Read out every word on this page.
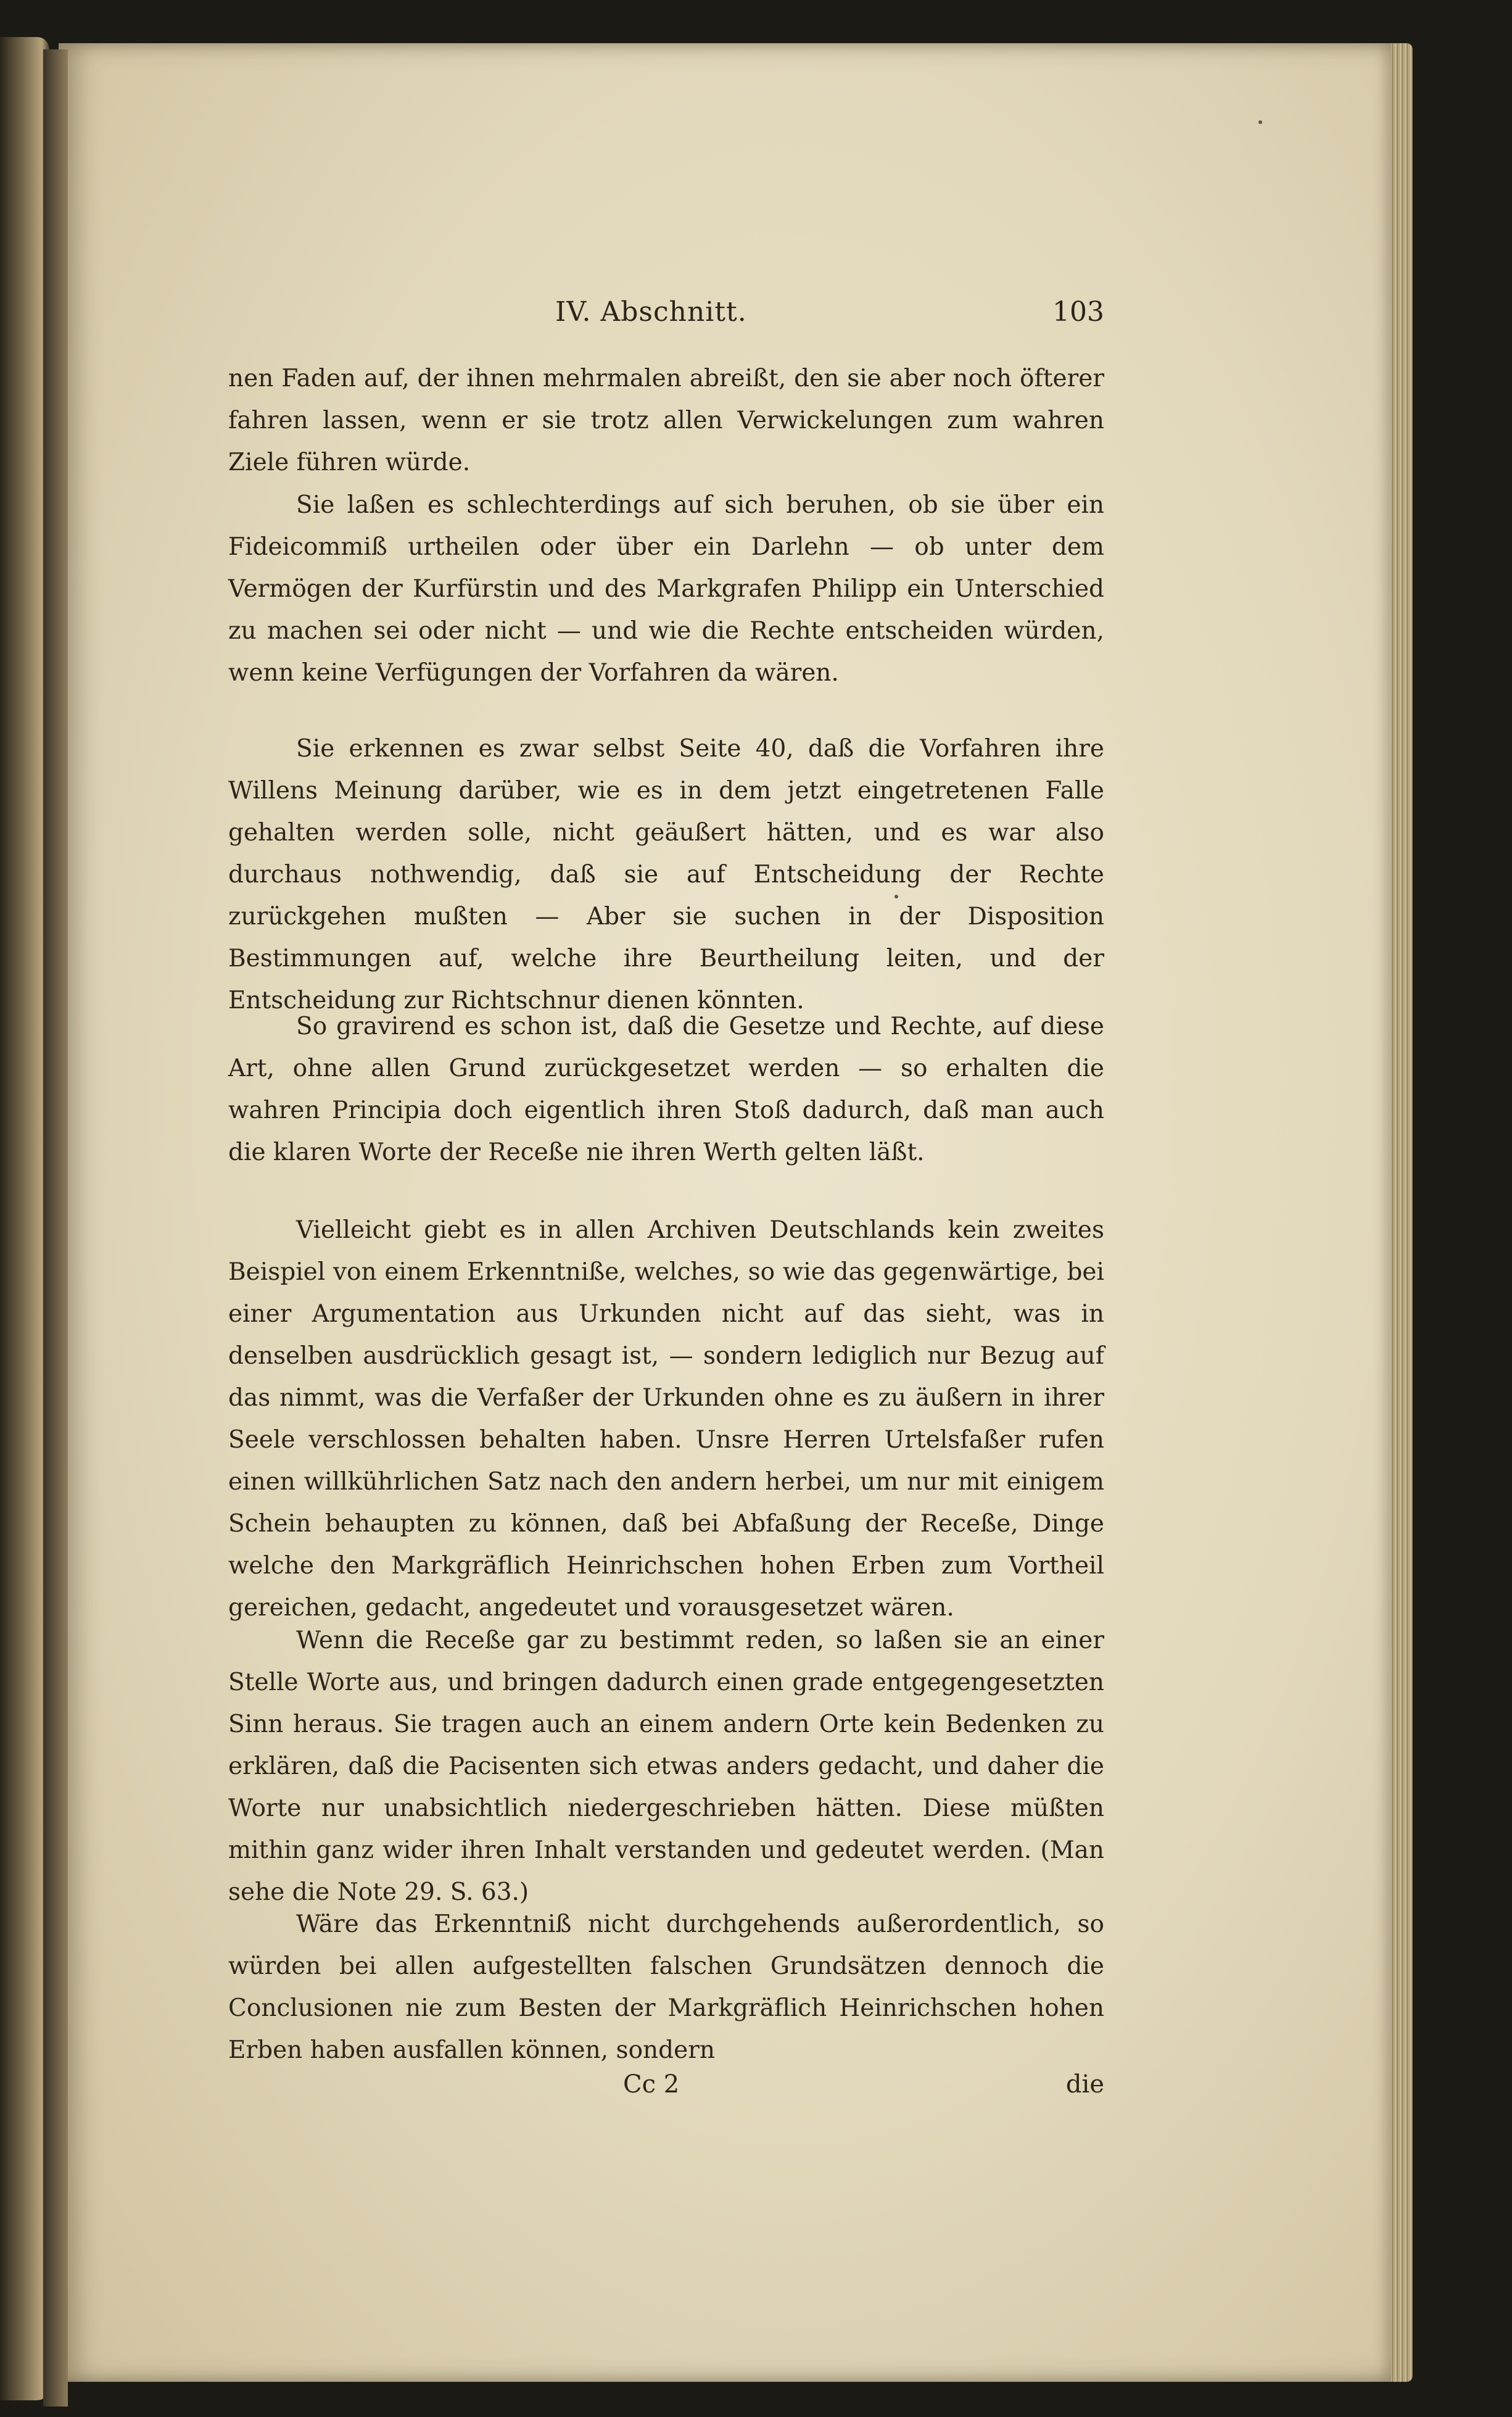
IV. Abschnitt.	103

nen Faden auf, der ihnen mehrmalen abreißt, den sie aber noch öfterer fahren lassen, wenn er sie trotz allen Verwickelungen zum wahren Ziele führen würde.

Sie laßen es schlechterdings auf sich beruhen, ob sie über ein Fideicommiß urtheilen oder über ein Darlehn — ob unter dem Vermögen der Kurfürstin und des Markgrafen Philipp ein Unterschied zu machen sei oder nicht — und wie die Rechte entscheiden würden, wenn keine Verfügungen der Vorfahren da wären.

Sie erkennen es zwar selbst Seite 40, daß die Vorfahren ihre Willens Meinung darüber, wie es in dem jetzt eingetretenen Falle gehalten werden solle, nicht geäußert hätten, und es war also durchaus nothwendig, daß sie auf Entscheidung der Rechte zurückgehen mußten — Aber sie suchen in der Disposition Bestimmungen auf, welche ihre Beurtheilung leiten, und der Entscheidung zur Richtschnur dienen könnten.

So gravirend es schon ist, daß die Gesetze und Rechte, auf diese Art, ohne allen Grund zurückgesetzet werden — so erhalten die wahren Principia doch eigentlich ihren Stoß dadurch, daß man auch die klaren Worte der Receße nie ihren Werth gelten läßt.

Vielleicht giebt es in allen Archiven Deutschlands kein zweites Beispiel von einem Erkenntniße, welches, so wie das gegenwärtige, bei einer Argumentation aus Urkunden nicht auf das sieht, was in denselben ausdrücklich gesagt ist, — sondern lediglich nur Bezug auf das nimmt, was die Verfaßer der Urkunden ohne es zu äußern in ihrer Seele verschlossen behalten haben. Unsre Herren Urtelsfaßer rufen einen willkührlichen Satz nach den andern herbei, um nur mit einigem Schein behaupten zu können, daß bei Abfaßung der Receße, Dinge welche den Markgräflich Heinrichschen hohen Erben zum Vortheil gereichen, gedacht, angedeutet und vorausgesetzet wären.

Wenn die Receße gar zu bestimmt reden, so laßen sie an einer Stelle Worte aus, und bringen dadurch einen grade entgegengesetzten Sinn heraus. Sie tragen auch an einem andern Orte kein Bedenken zu erklären, daß die Pacisenten sich etwas anders gedacht, und daher die Worte nur unabsichtlich niedergeschrieben hätten. Diese müßten mithin ganz wider ihren Inhalt verstanden und gedeutet werden. (Man sehe die Note 29. S. 63.)

Wäre das Erkenntniß nicht durchgehends außerordentlich, so würden bei allen aufgestellten falschen Grundsätzen dennoch die Conclusionen nie zum Besten der Markgräflich Heinrichschen hohen Erben haben ausfallen können, sondern

Cc 2	die
